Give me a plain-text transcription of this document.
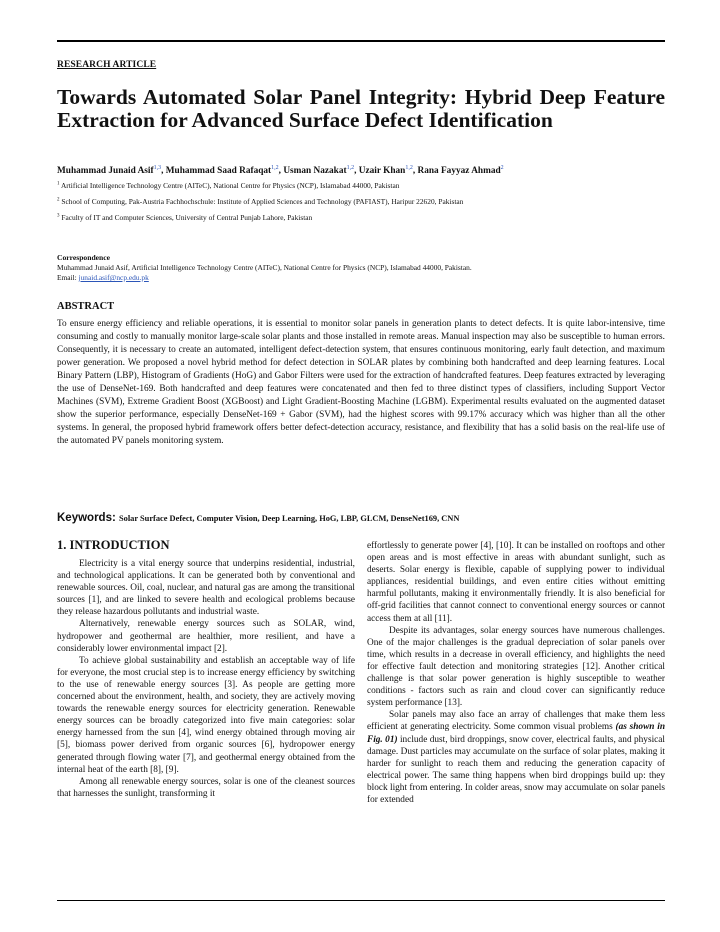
RESEARCH ARTICLE
Towards Automated Solar Panel Integrity: Hybrid Deep Feature Extraction for Advanced Surface Defect Identification
Muhammad Junaid Asif$^{1,3}$, Muhammad Saad Rafaqat$^{1,2}$, Usman Nazakat$^{1,2}$, Uzair Khan$^{1,2}$, Rana Fayyaz Ahmad$^2$
$^1$ Artificial Intelligence Technology Centre (AITeC), National Centre for Physics (NCP), Islamabad 44000, Pakistan
$^2$ School of Computing, Pak-Austria Fachhochschule: Institute of Applied Sciences and Technology (PAFIAST), Haripur 22620, Pakistan
$^3$ Faculty of IT and Computer Sciences, University of Central Punjab Lahore, Pakistan
Correspondence
Muhammad Junaid Asif, Artificial Intelligence Technology Centre (AITeC), National Centre for Physics (NCP), Islamabad 44000, Pakistan.
Email: junaid.asif@ncp.edu.pk
ABSTRACT

To ensure energy efficiency and reliable operations, it is essential to monitor solar panels in generation plants to detect defects. It is quite labor-intensive, time consuming and costly to manually monitor large-scale solar plants and those installed in remote areas. Manual inspection may also be susceptible to human errors. Consequently, it is necessary to create an automated, intelligent defect-detection system, that ensures continuous monitoring, early fault detection, and maximum power generation. We proposed a novel hybrid method for defect detection in SOLAR plates by combining both handcrafted and deep learning features. Local Binary Pattern (LBP), Histogram of Gradients (HoG) and Gabor Filters were used for the extraction of handcrafted features. Deep features extracted by leveraging the use of DenseNet-169. Both handcrafted and deep features were concatenated and then fed to three distinct types of classifiers, including Support Vector Machines (SVM), Extreme Gradient Boost (XGBoost) and Light Gradient-Boosting Machine (LGBM). Experimental results evaluated on the augmented dataset show the superior performance, especially DenseNet-169 + Gabor (SVM), had the highest scores with 99.17% accuracy which was higher than all the other systems. In general, the proposed hybrid framework offers better defect-detection accuracy, resistance, and flexibility that has a solid basis on the real-life use of the automated PV panels monitoring system.

Keywords: Solar Surface Defect, Computer Vision, Deep Learning, HoG, LBP, GLCM, DenseNet169, CNN
1. INTRODUCTION

Electricity is a vital energy source that underpins residential, industrial, and technological applications. It can be generated both by conventional and renewable sources. Oil, coal, nuclear, and natural gas are among the transitional sources [1], and are linked to severe health and ecological problems because they release hazardous pollutants and industrial waste.

Alternatively, renewable energy sources such as SOLAR, wind, hydropower and geothermal are healthier, more resilient, and have a considerably lower environmental impact [2].

To achieve global sustainability and establish an acceptable way of life for everyone, the most crucial step is to increase energy efficiency by switching to the use of renewable energy sources [3]. As people are getting more concerned about the environment, health, and society, they are actively moving towards the renewable energy sources for electricity generation. Renewable energy sources can be broadly categorized into five main categories: solar energy harnessed from the sun [4], wind energy obtained through moving air [5], biomass power derived from organic sources [6], hydropower energy generated through flowing water [7], and geothermal energy obtained from the internal heat of the earth [8], [9].

Among all renewable energy sources, solar is one of the cleanest sources that harnesses the sunlight, transforming it

effortlessly to generate power [4], [10]. It can be installed on rooftops and other open areas and is most effective in areas with abundant sunlight, such as deserts. Solar energy is flexible, capable of supplying power to individual appliances, residential buildings, and even entire cities without emitting harmful pollutants, making it environmentally friendly. It is also beneficial for off-grid facilities that cannot connect to conventional energy sources or cannot access them at all [11].

Despite its advantages, solar energy sources have numerous challenges. One of the major challenges is the gradual depreciation of solar panels over time, which results in a decrease in overall efficiency, and highlights the need for effective fault detection and monitoring strategies [12]. Another critical challenge is that solar power generation is highly susceptible to weather conditions - factors such as rain and cloud cover can significantly reduce system performance [13].

Solar panels may also face an array of challenges that make them less efficient at generating electricity. Some common visual problems (as shown in Fig. 01) include dust, bird droppings, snow cover, electrical faults, and physical damage. Dust particles may accumulate on the surface of solar plates, making it harder for sunlight to reach them and reducing the generation capacity of electrical power. The same thing happens when bird droppings build up: they block light from entering. In colder areas, snow may accumulate on solar panels for extended
